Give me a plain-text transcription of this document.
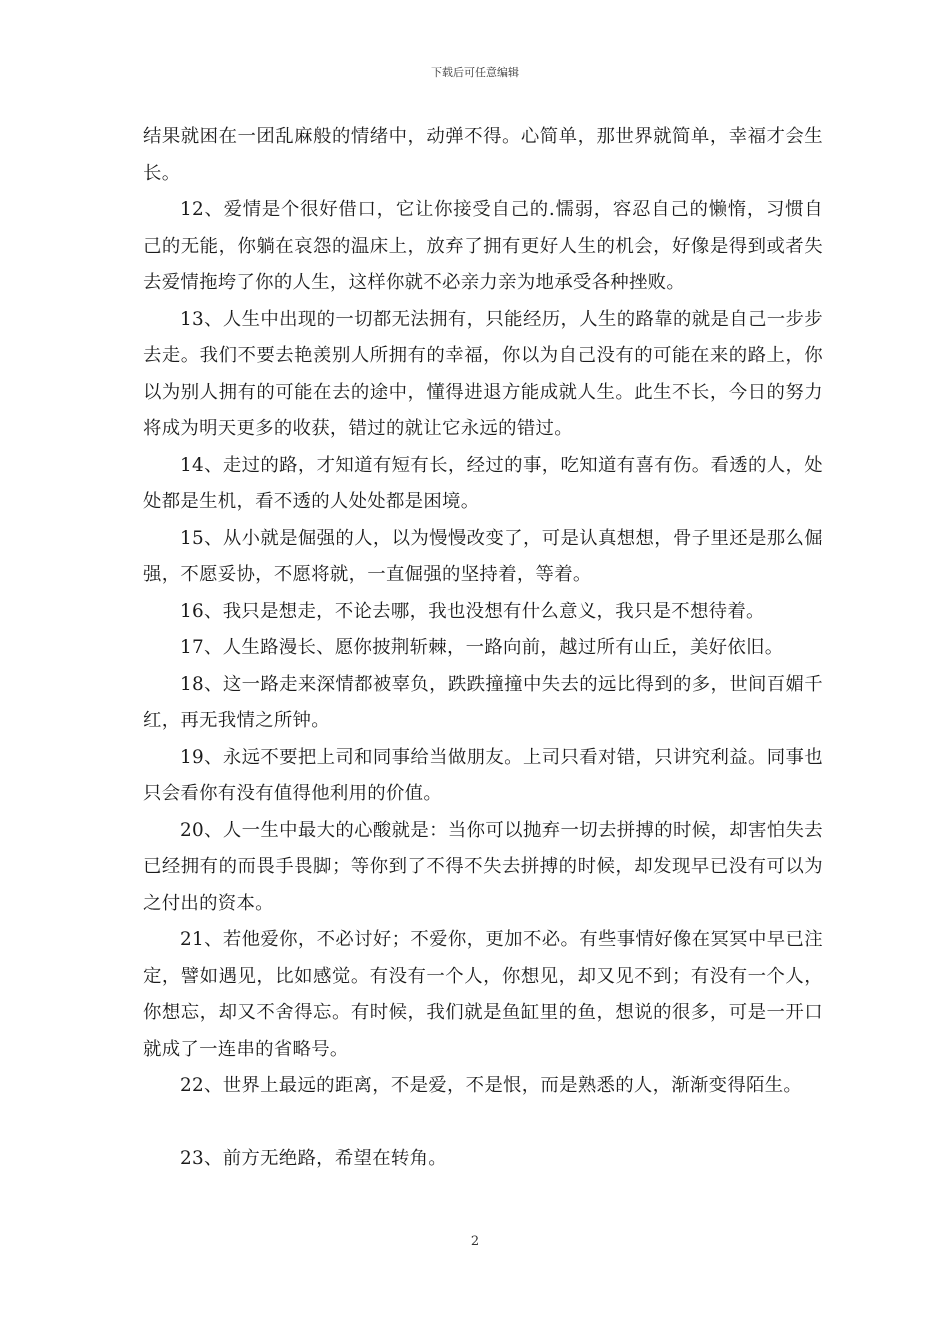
下载后可任意编辑

结果就困在一团乱麻般的情绪中，动弹不得。心简单，那世界就简单，幸福才会生长。

12、爱情是个很好借口，它让你接受自己的.懦弱，容忍自己的懒惰，习惯自己的无能，你躺在哀怨的温床上，放弃了拥有更好人生的机会，好像是得到或者失去爱情拖垮了你的人生，这样你就不必亲力亲为地承受各种挫败。

13、人生中出现的一切都无法拥有，只能经历，人生的路靠的就是自己一步步去走。我们不要去艳羡别人所拥有的幸福，你以为自己没有的可能在来的路上，你以为别人拥有的可能在去的途中，懂得进退方能成就人生。此生不长，今日的努力将成为明天更多的收获，错过的就让它永远的错过。

14、走过的路，才知道有短有长，经过的事，吃知道有喜有伤。看透的人，处处都是生机，看不透的人处处都是困境。

15、从小就是倔强的人，以为慢慢改变了，可是认真想想，骨子里还是那么倔强，不愿妥协，不愿将就，一直倔强的坚持着，等着。

16、我只是想走，不论去哪，我也没想有什么意义，我只是不想待着。

17、人生路漫长、愿你披荆斩棘，一路向前，越过所有山丘，美好依旧。

18、这一路走来深情都被辜负，跌跌撞撞中失去的远比得到的多，世间百媚千红，再无我情之所钟。

19、永远不要把上司和同事给当做朋友。上司只看对错，只讲究利益。同事也只会看你有没有值得他利用的价值。

20、人一生中最大的心酸就是：当你可以抛弃一切去拼搏的时候，却害怕失去已经拥有的而畏手畏脚；等你到了不得不失去拼搏的时候，却发现早已没有可以为之付出的资本。

21、若他爱你，不必讨好；不爱你，更加不必。有些事情好像在冥冥中早已注定，譬如遇见，比如感觉。有没有一个人，你想见，却又见不到；有没有一个人，你想忘，却又不舍得忘。有时候，我们就是鱼缸里的鱼，想说的很多，可是一开口就成了一连串的省略号。

22、世界上最远的距离，不是爱，不是恨，而是熟悉的人，渐渐变得陌生。

23、前方无绝路，希望在转角。

2
